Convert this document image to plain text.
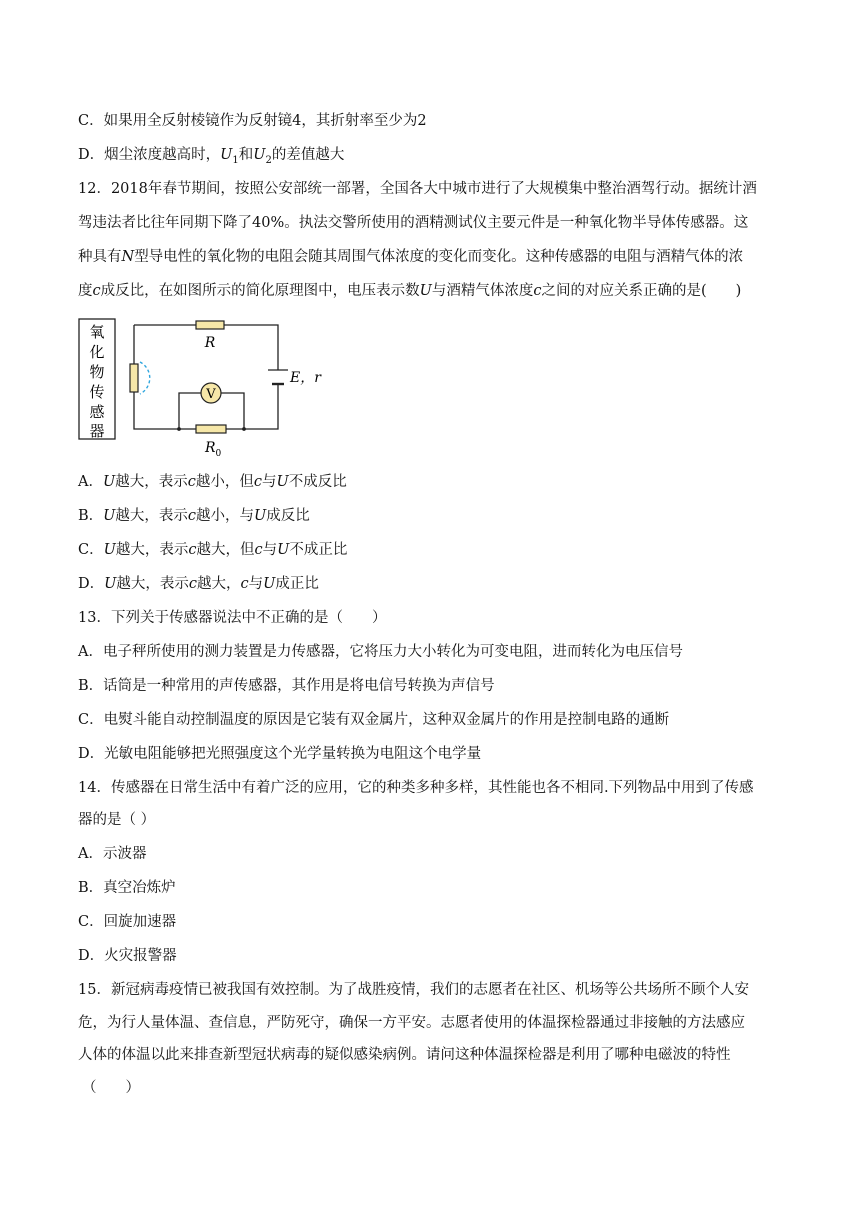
C．如果用全反射棱镜作为反射镜4，其折射率至少为2
D．烟尘浓度越高时，$U_1$和$U_2$的差值越大
12．2018年春节期间，按照公安部统一部署，全国各大中城市进行了大规模集中整治酒驾行动。据统计酒
驾违法者比往年同期下降了40%。执法交警所使用的酒精测试仪主要元件是一种氧化物半导体传感器。这
种具有N型导电性的氧化物的电阻会随其周围气体浓度的变化而变化。这种传感器的电阻与酒精气体的浓
度c成反比，在如图所示的简化原理图中，电压表示数U与酒精气体浓度c之间的对应关系正确的是(　　)
氧
化
物
传
感
器
R
E，r
V
$R_0$
A．U越大，表示c越小，但c与U不成反比
B．U越大，表示c越小，与U成反比
C．U越大，表示c越大，但c与U不成正比
D．U越大，表示c越大，c与U成正比
13．下列关于传感器说法中不正确的是（　　）
A．电子秤所使用的测力装置是力传感器，它将压力大小转化为可变电阻，进而转化为电压信号
B．话筒是一种常用的声传感器，其作用是将电信号转换为声信号
C．电熨斗能自动控制温度的原因是它装有双金属片，这种双金属片的作用是控制电路的通断
D．光敏电阻能够把光照强度这个光学量转换为电阻这个电学量
14．传感器在日常生活中有着广泛的应用，它的种类多种多样，其性能也各不相同.下列物品中用到了传感
器的是（ ）
A．示波器
B．真空冶炼炉
C．回旋加速器
D．火灾报警器
15．新冠病毒疫情已被我国有效控制。为了战胜疫情，我们的志愿者在社区、机场等公共场所不顾个人安
危，为行人量体温、查信息，严防死守，确保一方平安。志愿者使用的体温探检器通过非接触的方法感应
人体的体温以此来排查新型冠状病毒的疑似感染病例。请问这种体温探检器是利用了哪种电磁波的特性
（　　）
